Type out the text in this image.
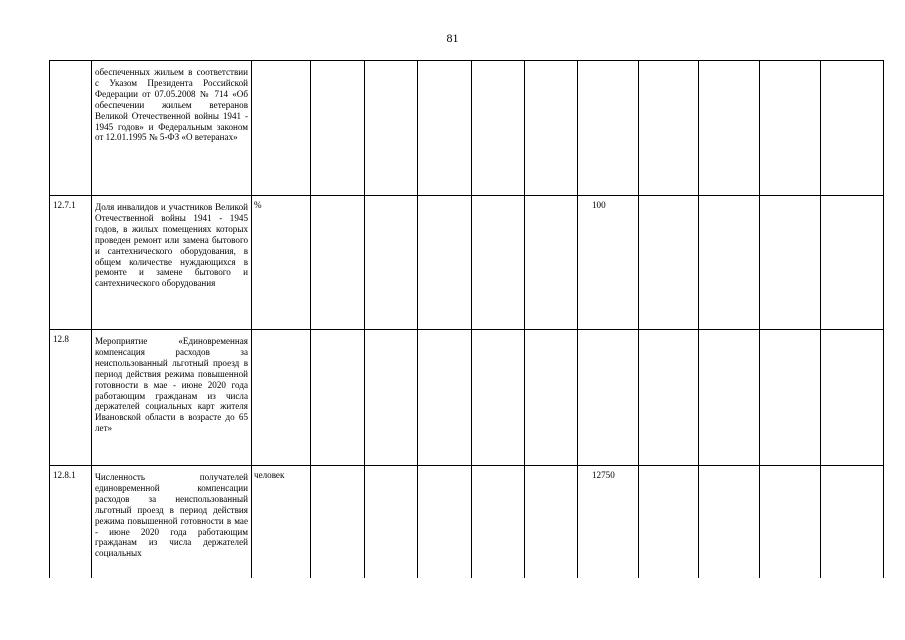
81
	обеспеченных жильем в соответствии с Указом Президента Российской Федерации от 07.05.2008 № 714 «Об обеспечении жильем ветеранов Великой Отечественной войны 1941 - 1945 годов» и Федеральным законом от 12.01.1995 № 5-ФЗ «О ветеранах»												
12.7.1	Доля инвалидов и участников Великой Отечественной войны 1941 - 1945 годов, в жилых помещениях которых проведен ремонт или замена бытового и сантехнического оборудования, в общем количестве нуждающихся в ремонте и замене бытового и сантехнического оборудования	%						100					
12.8	Мероприятие «Единовременная компенсация расходов за неиспользованный льготный проезд в период действия режима повышенной готовности в мае - июне 2020 года работающим гражданам из числа держателей социальных карт жителя Ивановской области в возрасте до 65 лет»												
12.8.1	Численность получателей единовременной компенсации расходов за неиспользованный льготный проезд в период действия режима повышенной готовности в мае - июне 2020 года работающим гражданам из числа держателей социальных	человек						12750					
